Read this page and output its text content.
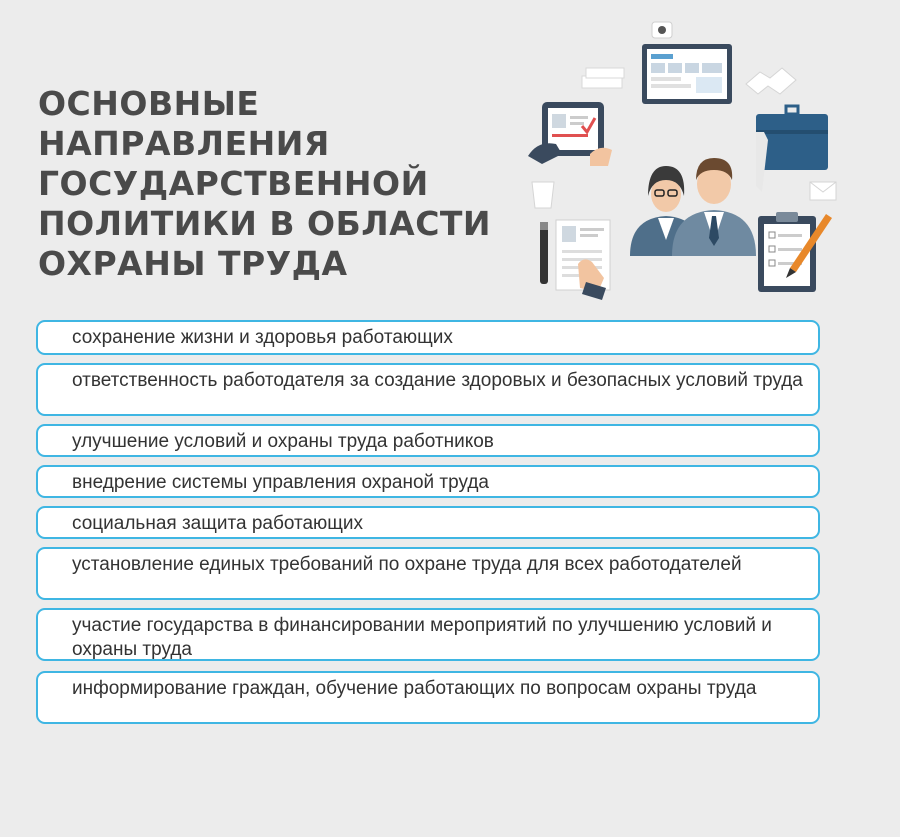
ОСНОВНЫЕ НАПРАВЛЕНИЯ
ГОСУДАРСТВЕННОЙ
ПОЛИТИКИ В ОБЛАСТИ
ОХРАНЫ ТРУДА
сохранение жизни и здоровья работающих
ответственность работодателя за создание здоровых и безопасных условий труда
улучшение условий и охраны труда работников
внедрение системы управления охраной труда
социальная защита работающих
установление единых требований по охране труда для всех работодателей
участие государства в финансировании мероприятий по улучшению условий и охраны труда
информирование граждан, обучение работающих по вопросам охраны труда
